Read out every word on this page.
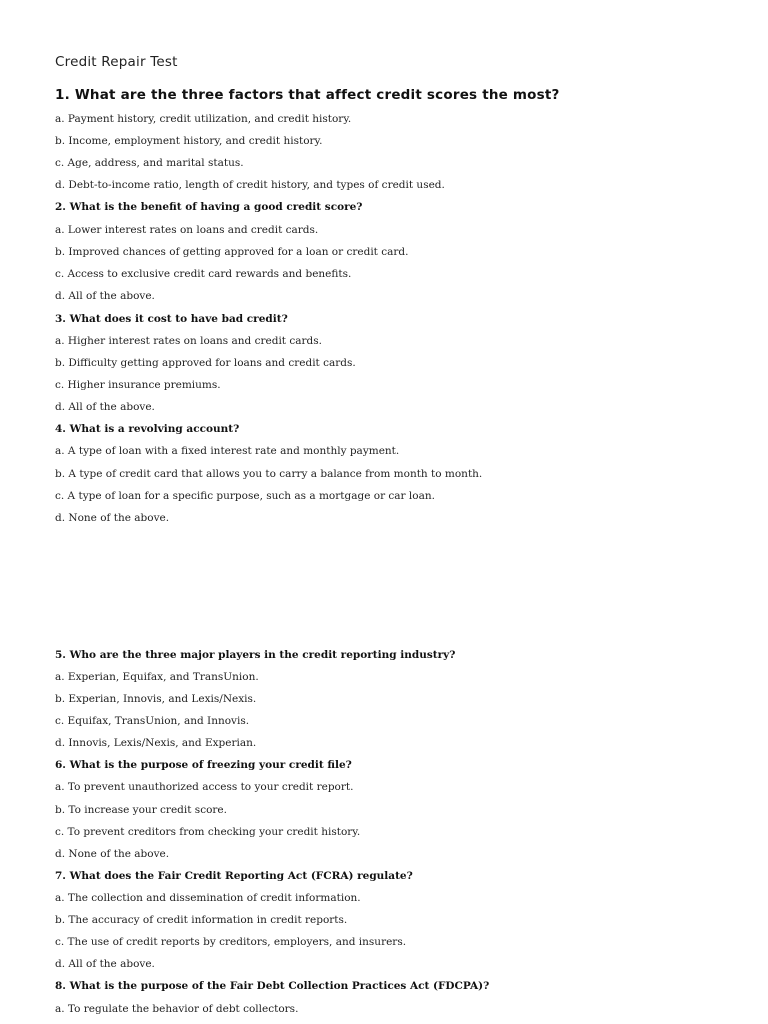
Credit Repair Test
1. What are the three factors that affect credit scores the most?
a. Payment history, credit utilization, and credit history.
b. Income, employment history, and credit history.
c. Age, address, and marital status.
d. Debt-to-income ratio, length of credit history, and types of credit used.
2. What is the benefit of having a good credit score?
a. Lower interest rates on loans and credit cards.
b. Improved chances of getting approved for a loan or credit card.
c. Access to exclusive credit card rewards and benefits.
d. All of the above.
3. What does it cost to have bad credit?
a. Higher interest rates on loans and credit cards.
b. Difficulty getting approved for loans and credit cards.
c. Higher insurance premiums.
d. All of the above.
4. What is a revolving account?
a. A type of loan with a fixed interest rate and monthly payment.
b. A type of credit card that allows you to carry a balance from month to month.
c. A type of loan for a specific purpose, such as a mortgage or car loan.
d. None of the above.
5. Who are the three major players in the credit reporting industry?
a. Experian, Equifax, and TransUnion.
b. Experian, Innovis, and Lexis/Nexis.
c. Equifax, TransUnion, and Innovis.
d. Innovis, Lexis/Nexis, and Experian.
6. What is the purpose of freezing your credit file?
a. To prevent unauthorized access to your credit report.
b. To increase your credit score.
c. To prevent creditors from checking your credit history.
d. None of the above.
7. What does the Fair Credit Reporting Act (FCRA) regulate?
a. The collection and dissemination of credit information.
b. The accuracy of credit information in credit reports.
c. The use of credit reports by creditors, employers, and insurers.
d. All of the above.
8. What is the purpose of the Fair Debt Collection Practices Act (FDCPA)?
a. To regulate the behavior of debt collectors.
